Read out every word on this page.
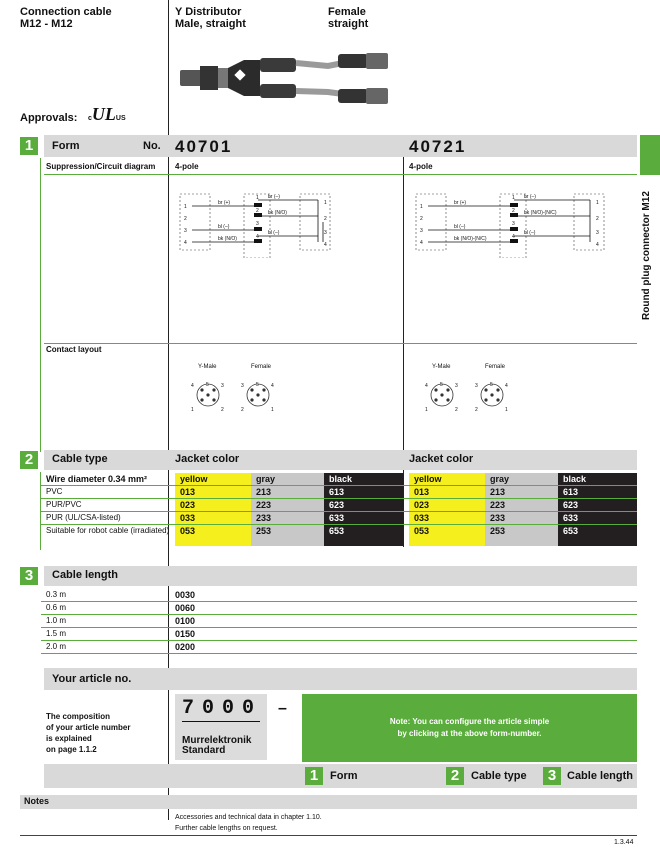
Connection cable
M12 - M12
Y Distributor
Male, straight
Female
straight
Approvals: cULUS
Round plug connector M12
1	Form	No. 40701	40721
Suppression/Circuit diagram 4-pole	4-pole
1
2
3
4
1
2
3
4
1
2
3
4
br (+)
bl (–)
bk (N/O)
br (–)
bk (N/O)
bl (–)
1
2
3
4
1
2
3
4
1
2
3
4
br (+)
bl (–)
bk (N/O)-(N/C)
br (–)
bk (N/O)-(N/C)
bl (–)
Contact layout
Y-Male	Female
4	3
5
1	2
3	4
5
2	1
Y-Male	Female
4	3
5
1	2
3	4
5
2	1
2	Cable type	Jacket color	Jacket color
Wire diameter 0.34 mm²	yellow	gray	black	yellow	gray	black
PVC	013	213	613	013	213	613
PUR/PVC	023	223	623	023	223	623
PUR (UL/CSA-listed)	033	233	633	033	233	633
Suitable for robot cable (irradiated)	053	253	653	053	253	653
3	Cable length
0.3 m	0030
0.6 m	0060
1.0 m	0100
1.5 m	0150
2.0 m	0200
Your article no.
The composition
of your article number
is explained
on page 1.1.2
7000 –
Murrelektronik
Standard
Note: You can configure the article simple
by clicking at the above form-number.
1	Form	2	Cable type	3 Cable length
Notes
Accessories and technical data in chapter 1.10.
Further cable lengths on request.
1.3.44
